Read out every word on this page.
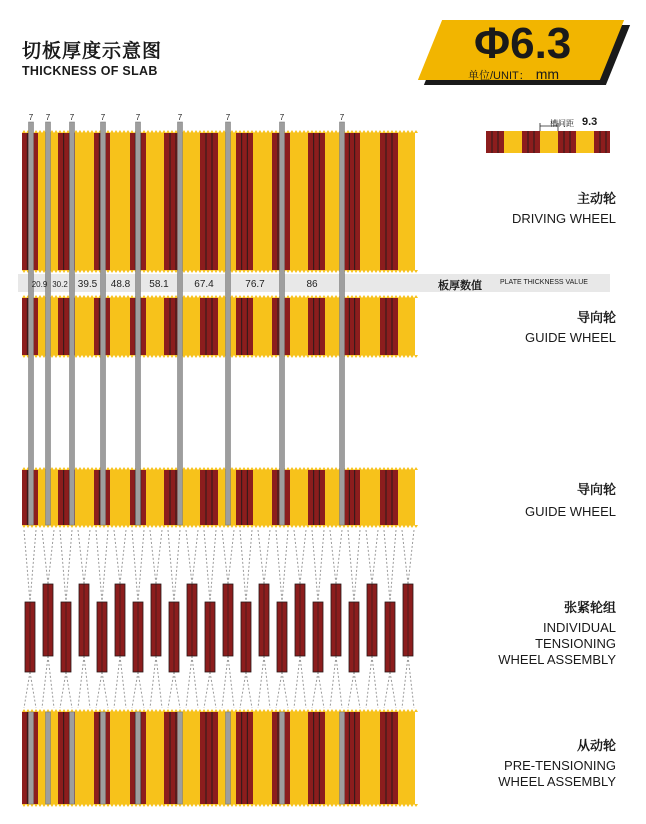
切板厚度示意图
THICKNESS OF SLAB
Φ6.3
单位/UNIT： mm
7 7 7	7	7	7	7	7	7
20.9 30.2 39.5 48.8 58.1	67.4	76.7	86
槽间距 9.3
板厚数值	PLATE THICKNESS VALUE
主动轮
DRIVING WHEEL
导向轮
GUIDE WHEEL
导向轮
GUIDE WHEEL
张紧轮组
INDIVIDUAL
TENSIONING
WHEEL ASSEMBLY
从动轮
PRE-TENSIONING
WHEEL ASSEMBLY
